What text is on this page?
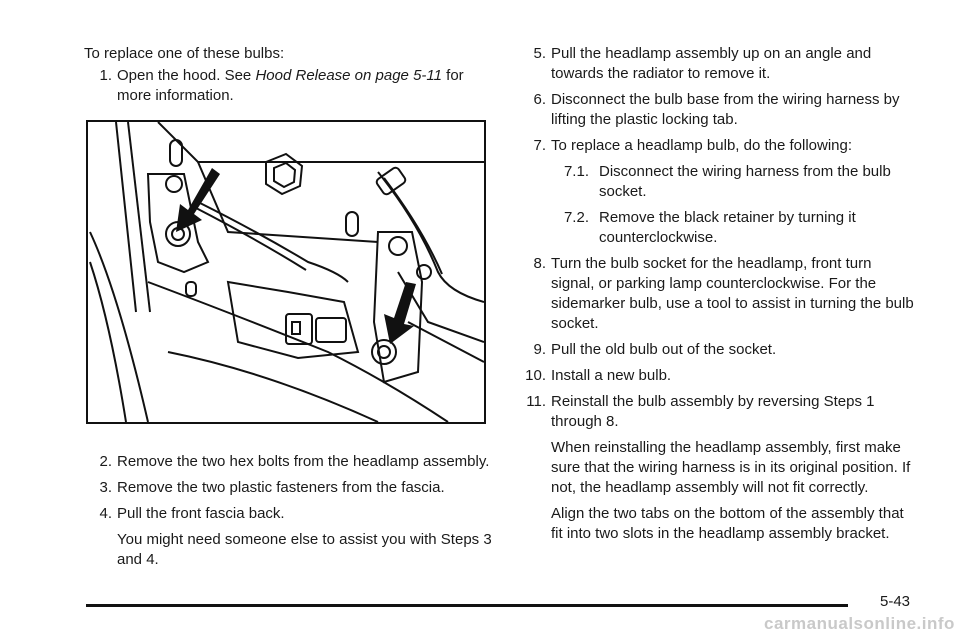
To replace one of these bulbs:

1. Open the hood. See Hood Release on page 5-11 for more information.
2. Remove the two hex bolts from the headlamp assembly.
3. Remove the two plastic fasteners from the fascia.
4. Pull the front fascia back.

You might need someone else to assist you with Steps 3 and 4.

5. Pull the headlamp assembly up on an angle and towards the radiator to remove it.
6. Disconnect the bulb base from the wiring harness by lifting the plastic locking tab.
7. To replace a headlamp bulb, do the following:
7.1. Disconnect the wiring harness from the bulb socket.
7.2. Remove the black retainer by turning it counterclockwise.
8. Turn the bulb socket for the headlamp, front turn signal, or parking lamp counterclockwise. For the sidemarker bulb, use a tool to assist in turning the bulb socket.
9. Pull the old bulb out of the socket.
10. Install a new bulb.
11. Reinstall the bulb assembly by reversing Steps 1 through 8.

When reinstalling the headlamp assembly, first make sure that the wiring harness is in its original position. If not, the headlamp assembly will not fit correctly.

Align the two tabs on the bottom of the assembly that fit into two slots in the headlamp assembly bracket.

5-43
carmanualsonline.info
